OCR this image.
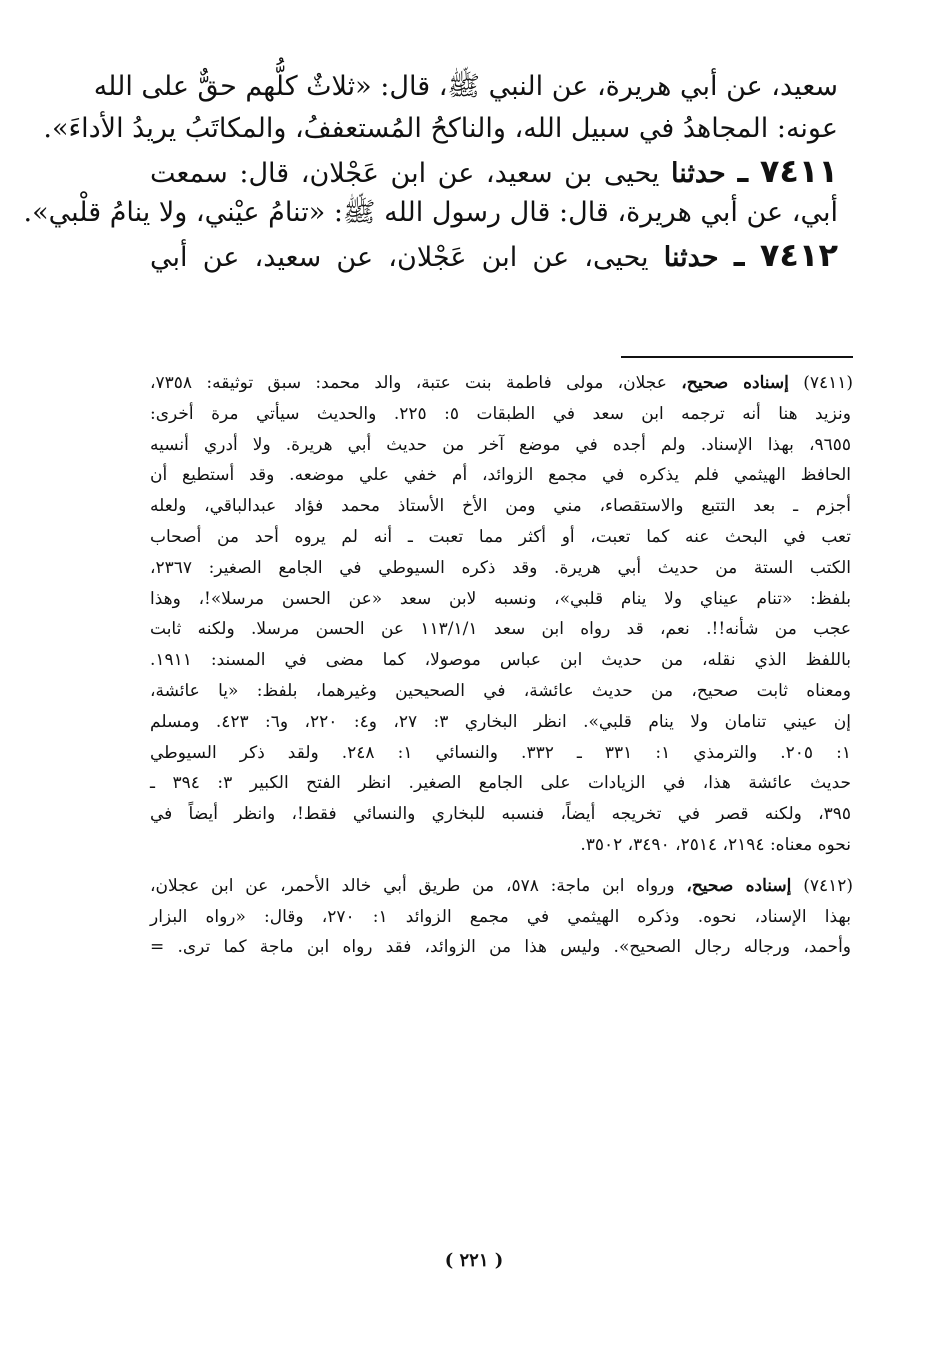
سعيد، عن أبي هريرة، عن النبي ﷺ، قال: «ثلاثٌ كلُّهم حقٌّ على الله
عونه: المجاهدُ في سبيل الله، والناكحُ المُستعففُ، والمكاتَبُ يريدُ الأداءَ».
٧٤١١ ـ حدثنا يحيى بن سعيد، عن ابن عَجْلان، قال: سمعت
أبي، عن أبي هريرة، قال: قال رسول الله ﷺ: «تنامُ عيْني، ولا ينامُ قلْبي».
٧٤١٢ ـ حدثنا يحيى، عن ابن عَجْلان، عن سعيد، عن أبي
(٧٤١١) إسناده صحيح، عجلان، مولى فاطمة بنت عتبة، والد محمد: سبق توثيقه: ٧٣٥٨،
ونزيد هنا أنه ترجمه ابن سعد في الطبقات ٥: ٢٢٥. والحديث سيأتي مرة أخرى:
٩٦٥٥، بهذا الإسناد. ولم أجده في موضع آخر من حديث أبي هريرة. ولا أدري أنسيه
الحافظ الهيثمي فلم يذكره في مجمع الزوائد، أم خفي علي موضعه. وقد أستطيع أن
أجزم ـ بعد التتبع والاستقصاء، مني ومن الأخ الأستاذ محمد فؤاد عبدالباقي، ولعله
تعب في البحث عنه كما تعبت، أو أكثر مما تعبت ـ أنه لم يروه أحد من أصحاب
الكتب الستة من حديث أبي هريرة. وقد ذكره السيوطي في الجامع الصغير: ٢٣٦٧،
بلفظ: «تنام عيناي ولا ينام قلبي»، ونسبه لابن سعد «عن الحسن مرسلا»!، وهذا
عجب من شأنه!!. نعم، قد رواه ابن سعد ١١٣/١/١ عن الحسن مرسلا. ولكنه ثابت
باللفظ الذي نقله، من حديث ابن عباس موصولا، كما مضى في المسند: ١٩١١.
ومعناه ثابت صحيح، من حديث عائشة، في الصحيحين وغيرهما، بلفظ: «يا عائشة،
إن عيني تنامان ولا ينام قلبي». انظر البخاري ٣: ٢٧، و٤: ٢٢٠، و٦: ٤٢٣. ومسلم
١: ٢٠٥. والترمذي ١: ٣٣١ ـ ٣٣٢. والنسائي ١: ٢٤٨. ولقد ذكر السيوطي
حديث عائشة هذا، في الزيادات على الجامع الصغير. انظر الفتح الكبير ٣: ٣٩٤ ـ
٣٩٥، ولكنه قصر في تخريجه أيضاً، فنسبه للبخاري والنسائي فقط!، وانظر أيضاً في
نحوه معناه: ٢١٩٤، ٢٥١٤، ٣٤٩٠، ٣٥٠٢.
(٧٤١٢) إسناده صحيح، ورواه ابن ماجة: ٥٧٨، من طريق أبي خالد الأحمر، عن ابن عجلان،
بهذا الإسناد، نحوه. وذكره الهيثمي في مجمع الزوائد ١: ٢٧٠، وقال: «رواه البزار
وأحمد، ورجاله رجال الصحيح». وليس هذا من الزوائد، فقد رواه ابن ماجة كما ترى. =
( ٢٢١ )
